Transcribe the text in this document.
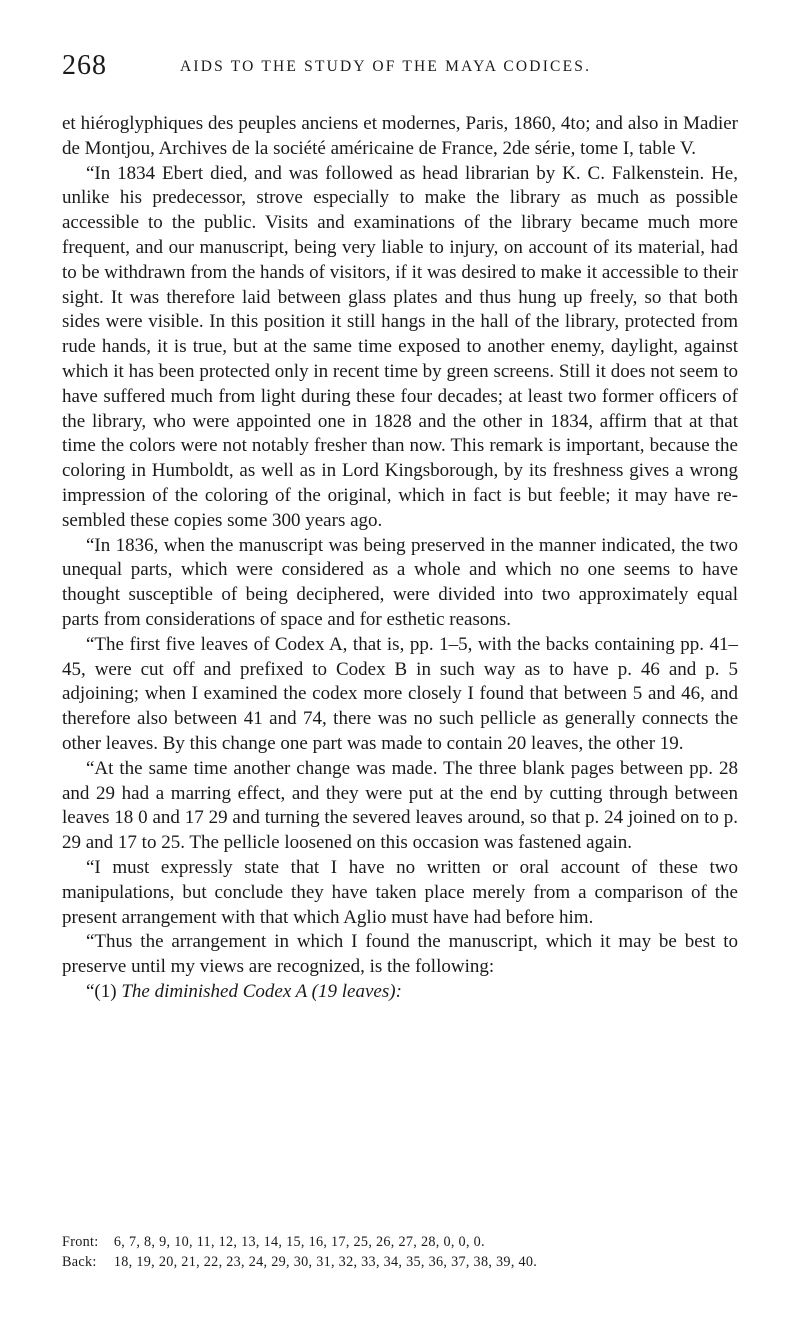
268	AIDS TO THE STUDY OF THE MAYA CODICES.

et hiéroglyphiques des peuples anciens et modernes, Paris, 1860, 4to; and also in Madier de Montjou, Archives de la société américaine de France, 2de série, tome I, table V.

“In 1834 Ebert died, and was followed as head librarian by K. C. Falkenstein. He, unlike his predecessor, strove especially to make the library as much as possible accessible to the public. Visits and examinations of the library became much more frequent, and our manuscript, being very liable to injury, on account of its material, had to be withdrawn from the hands of visitors, if it was desired to make it accessible to their sight. It was therefore laid between glass plates and thus hung up freely, so that both sides were visible. In this position it still hangs in the hall of the library, protected from rude hands, it is true, but at the same time exposed to another enemy, daylight, against which it has been protected only in recent time by green screens. Still it does not seem to have suffered much from light during these four decades; at least two former officers of the library, who were appointed one in 1828 and the other in 1834, affirm that at that time the colors were not notably fresher than now. This remark is important, because the coloring in Humboldt, as well as in Lord Kingsborough, by its freshness gives a wrong impression of the coloring of the original, which in fact is but feeble; it may have resembled these copies some 300 years ago.

“In 1836, when the manuscript was being preserved in the manner indicated, the two unequal parts, which were considered as a whole and which no one seems to have thought susceptible of being deciphered, were divided into two approximately equal parts from considerations of space and for esthetic reasons.

“The first five leaves of Codex A, that is, pp. 1–5, with the backs containing pp. 41–45, were cut off and prefixed to Codex B in such way as to have p. 46 and p. 5 adjoining; when I examined the codex more closely I found that between 5 and 46, and therefore also between 41 and 74, there was no such pellicle as generally connects the other leaves. By this change one part was made to contain 20 leaves, the other 19.

“At the same time another change was made. The three blank pages between pp. 28 and 29 had a marring effect, and they were put at the end by cutting through between leaves 18 0 and 17 29 and turning the severed leaves around, so that p. 24 joined on to p. 29 and 17 to 25. The pellicle loosened on this occasion was fastened again.

“I must expressly state that I have no written or oral account of these two manipulations, but conclude they have taken place merely from a comparison of the present arrangement with that which Aglio must have had before him.

“Thus the arrangement in which I found the manuscript, which it may be best to preserve until my views are recognized, is the following:

“(1) The diminished Codex A (19 leaves):

Front: 6, 7, 8, 9, 10, 11, 12, 13, 14, 15, 16, 17, 25, 26, 27, 28, 0, 0, 0.
Back: 18, 19, 20, 21, 22, 23, 24, 29, 30, 31, 32, 33, 34, 35, 36, 37, 38, 39, 40.
